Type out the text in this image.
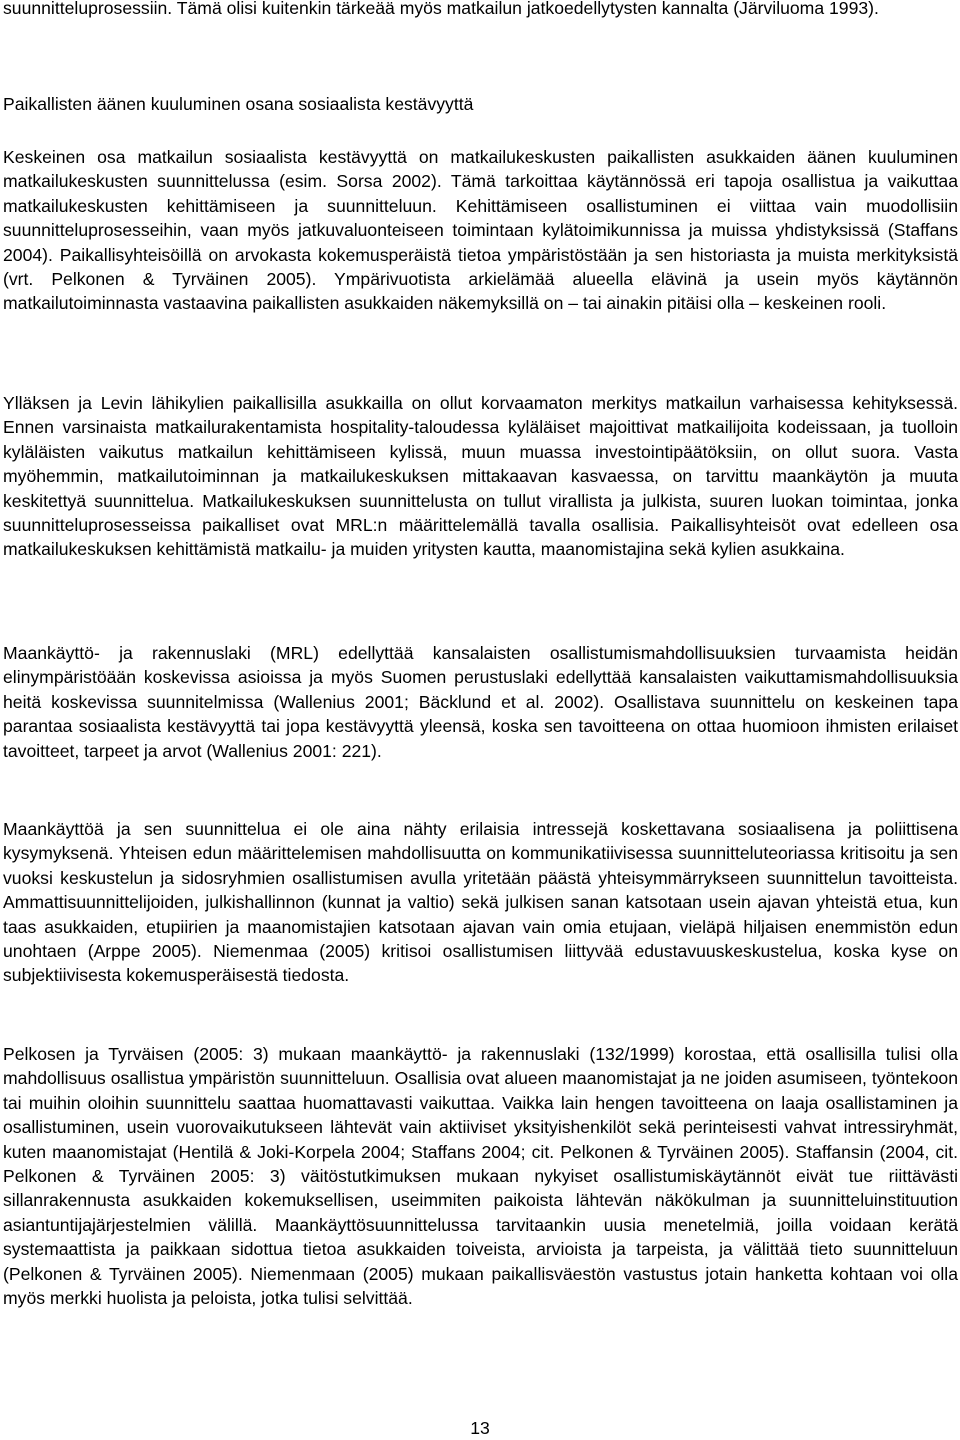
suunnitteluprosessiin. Tämä olisi kuitenkin tärkeää myös matkailun jatkoedellytysten kannalta (Järviluoma 1993).

Paikallisten äänen kuuluminen osana sosiaalista kestävyyttä

Keskeinen osa matkailun sosiaalista kestävyyttä on matkailukeskusten paikallisten asukkaiden äänen kuuluminen matkailukeskusten suunnittelussa (esim. Sorsa 2002). Tämä tarkoittaa käytännössä eri tapoja osallistua ja vaikuttaa matkailukeskusten kehittämiseen ja suunnitteluun. Kehittämiseen osallistuminen ei viittaa vain muodollisiin suunnitteluprosesseihin, vaan myös jatkuvaluonteiseen toimintaan kylätoimikunnissa ja muissa yhdistyksissä (Staffans 2004). Paikallisyhteisöillä on arvokasta kokemusperäistä tietoa ympäristöstään ja sen historiasta ja muista merkityksistä (vrt. Pelkonen & Tyrväinen 2005). Ympärivuotista arkielämää alueella elävinä ja usein myös käytännön matkailutoiminnasta vastaavina paikallisten asukkaiden näkemyksillä on – tai ainakin pitäisi olla – keskeinen rooli.

Ylläksen ja Levin lähikylien paikallisilla asukkailla on ollut korvaamaton merkitys matkailun varhaisessa kehityksessä. Ennen varsinaista matkailurakentamista hospitality-taloudessa kyläläiset majoittivat matkailijoita kodeissaan, ja tuolloin kyläläisten vaikutus matkailun kehittämiseen kylissä, muun muassa investointipäätöksiin, on ollut suora. Vasta myöhemmin, matkailutoiminnan ja matkailukeskuksen mittakaavan kasvaessa, on tarvittu maankäytön ja muuta keskitettyä suunnittelua. Matkailukeskuksen suunnittelusta on tullut virallista ja julkista, suuren luokan toimintaa, jonka suunnitteluprosesseissa paikalliset ovat MRL:n määrittelemällä tavalla osallisia. Paikallisyhteisöt ovat edelleen osa matkailukeskuksen kehittämistä matkailu- ja muiden yritysten kautta, maanomistajina sekä kylien asukkaina.

Maankäyttö- ja rakennuslaki (MRL) edellyttää kansalaisten osallistumismahdollisuuksien turvaamista heidän elinympäristöään koskevissa asioissa ja myös Suomen perustuslaki edellyttää kansalaisten vaikuttamismahdollisuuksia heitä koskevissa suunnitelmissa (Wallenius 2001; Bäcklund et al. 2002). Osallistava suunnittelu on keskeinen tapa parantaa sosiaalista kestävyyttä tai jopa kestävyyttä yleensä, koska sen tavoitteena on ottaa huomioon ihmisten erilaiset tavoitteet, tarpeet ja arvot (Wallenius 2001: 221).

Maankäyttöä ja sen suunnittelua ei ole aina nähty erilaisia intressejä koskettavana sosiaalisena ja poliittisena kysymyksenä. Yhteisen edun määrittelemisen mahdollisuutta on kommunikatiivisessa suunnitteluteoriassa kritisoitu ja sen vuoksi keskustelun ja sidosryhmien osallistumisen avulla yritetään päästä yhteisymmärrykseen suunnittelun tavoitteista. Ammattisuunnittelijoiden, julkishallinnon (kunnat ja valtio) sekä julkisen sanan katsotaan usein ajavan yhteistä etua, kun taas asukkaiden, etupiirien ja maanomistajien katsotaan ajavan vain omia etujaan, vieläpä hiljaisen enemmistön edun unohtaen (Arppe 2005). Niemenmaa (2005) kritisoi osallistumisen liittyvää edustavuuskeskustelua, koska kyse on subjektiivisesta kokemusperäisestä tiedosta.

Pelkosen ja Tyrväisen (2005: 3) mukaan maankäyttö- ja rakennuslaki (132/1999) korostaa, että osallisilla tulisi olla mahdollisuus osallistua ympäristön suunnitteluun. Osallisia ovat alueen maanomistajat ja ne joiden asumiseen, työntekoon tai muihin oloihin suunnittelu saattaa huomattavasti vaikuttaa. Vaikka lain hengen tavoitteena on laaja osallistaminen ja osallistuminen, usein vuorovaikutukseen lähtevät vain aktiiviset yksityishenkilöt sekä perinteisesti vahvat intressiryhmät, kuten maanomistajat (Hentilä & Joki-Korpela 2004; Staffans 2004; cit. Pelkonen & Tyrväinen 2005). Staffansin (2004, cit. Pelkonen & Tyrväinen 2005: 3) väitöstutkimuksen mukaan nykyiset osallistumiskäytännöt eivät tue riittävästi sillanrakennusta asukkaiden kokemuksellisen, useimmiten paikoista lähtevän näkökulman ja suunnitteluinstituution asiantuntijajärjestelmien välillä. Maankäyttösuunnittelussa tarvitaankin uusia menetelmiä, joilla voidaan kerätä systemaattista ja paikkaan sidottua tietoa asukkaiden toiveista, arvioista ja tarpeista, ja välittää tieto suunnitteluun (Pelkonen & Tyrväinen 2005). Niemenmaan (2005) mukaan paikallisväestön vastustus jotain hanketta kohtaan voi olla myös merkki huolista ja peloista, jotka tulisi selvittää.

13
